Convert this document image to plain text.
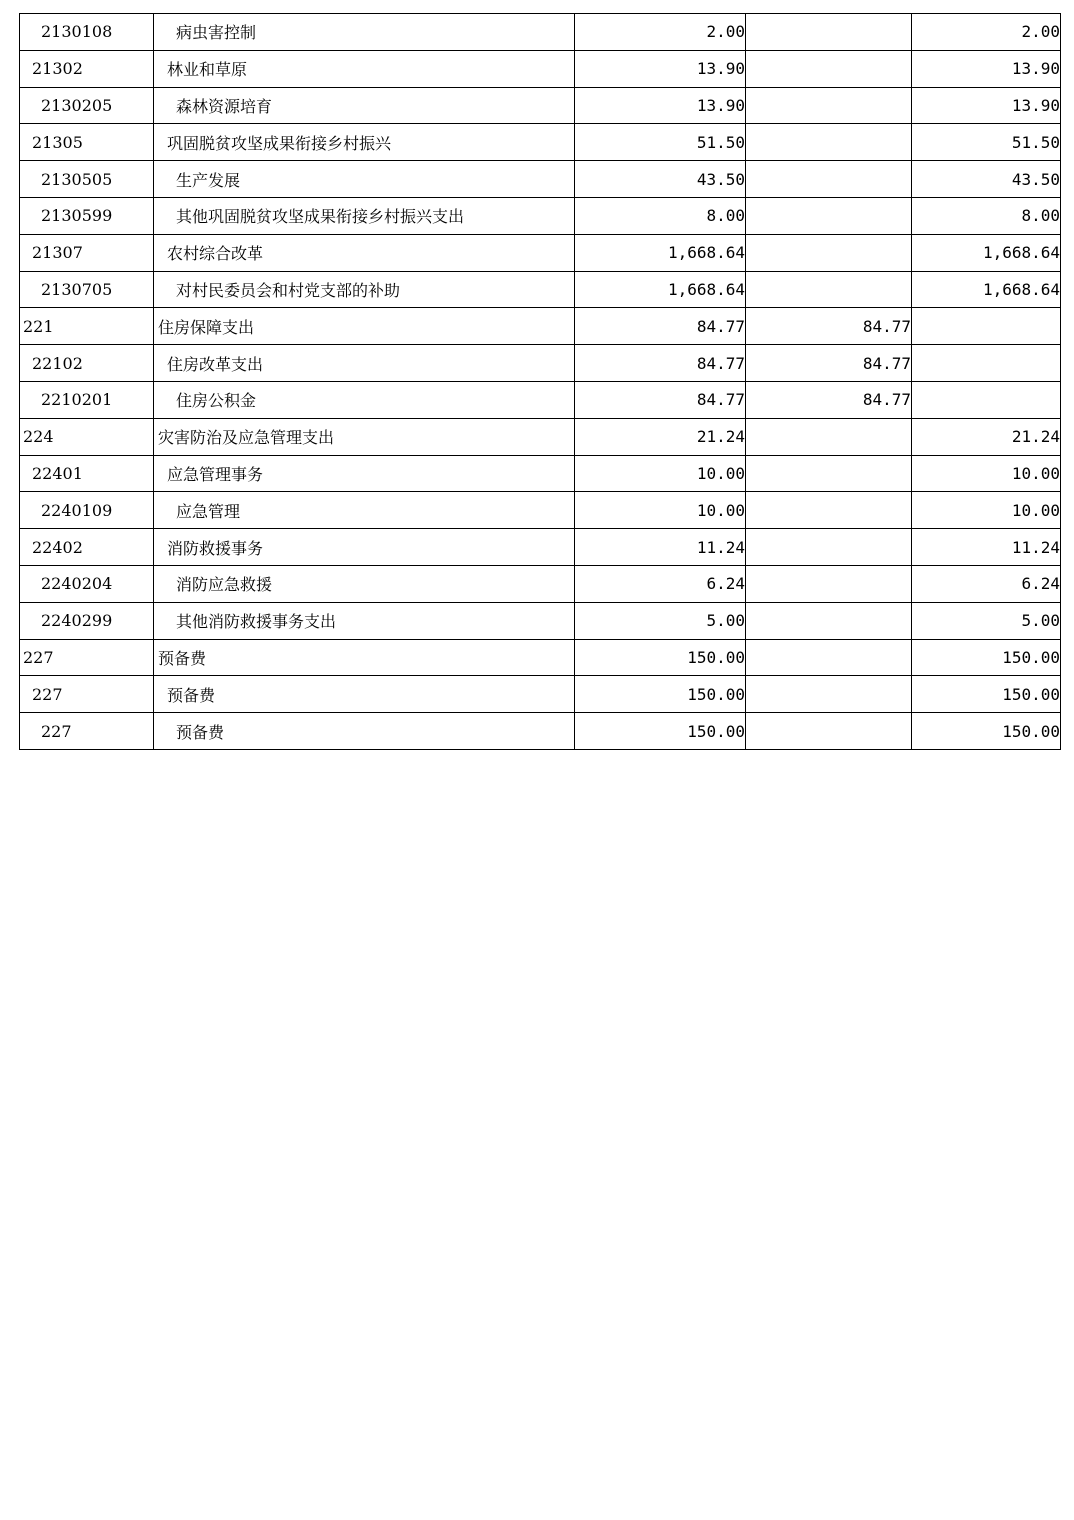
2130108	病虫害控制	2.00		2.00
21302	林业和草原	13.90		13.90
2130205	森林资源培育	13.90		13.90
21305	巩固脱贫攻坚成果衔接乡村振兴	51.50		51.50
2130505	生产发展	43.50		43.50
2130599	其他巩固脱贫攻坚成果衔接乡村振兴支出	8.00		8.00
21307	农村综合改革	1,668.64		1,668.64
2130705	对村民委员会和村党支部的补助	1,668.64		1,668.64
221	住房保障支出	84.77	84.77	
22102	住房改革支出	84.77	84.77	
2210201	住房公积金	84.77	84.77	
224	灾害防治及应急管理支出	21.24		21.24
22401	应急管理事务	10.00		10.00
2240109	应急管理	10.00		10.00
22402	消防救援事务	11.24		11.24
2240204	消防应急救援	6.24		6.24
2240299	其他消防救援事务支出	5.00		5.00
227	预备费	150.00		150.00
227	预备费	150.00		150.00
227	预备费	150.00		150.00
